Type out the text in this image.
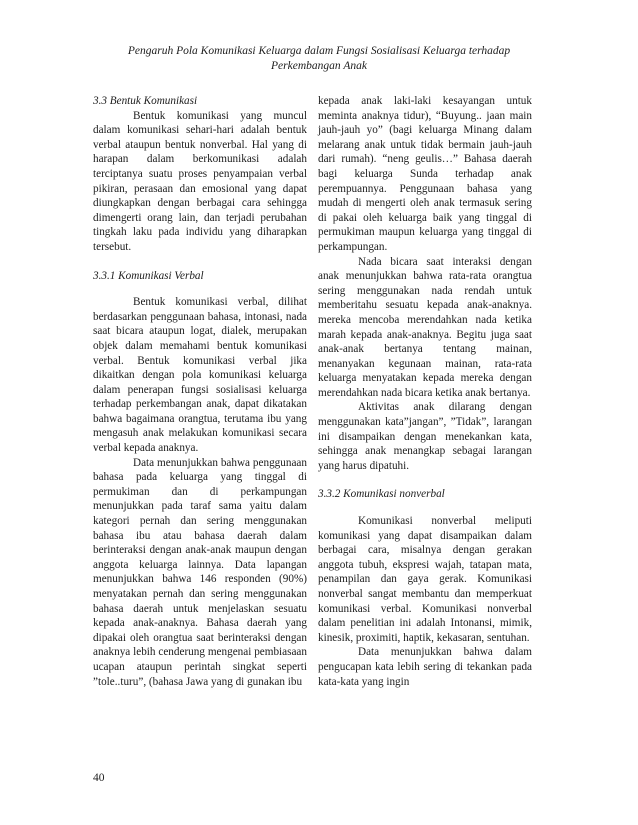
Pengaruh Pola Komunikasi Keluarga dalam Fungsi Sosialisasi Keluarga terhadap
Perkembangan Anak

3.3 Bentuk Komunikasi

Bentuk komunikasi yang muncul dalam komunikasi sehari-hari adalah bentuk verbal ataupun bentuk nonverbal. Hal yang di harapan dalam berkomunikasi adalah terciptanya suatu proses penyampaian verbal pikiran, perasaan dan emosional yang dapat diungkapkan dengan berbagai cara sehingga dimengerti orang lain, dan terjadi perubahan tingkah laku pada individu yang diharapkan tersebut.

3.3.1 Komunikasi Verbal

Bentuk komunikasi verbal, dilihat berdasarkan penggunaan bahasa, intonasi, nada saat bicara ataupun logat, dialek, merupakan objek dalam memahami bentuk komunikasi verbal. Bentuk komunikasi verbal jika dikaitkan dengan pola komunikasi keluarga dalam penerapan fungsi sosialisasi keluarga terhadap perkembangan anak, dapat dikatakan bahwa bagaimana orangtua, terutama ibu yang mengasuh anak melakukan komunikasi secara verbal kepada anaknya.

Data menunjukkan bahwa penggunaan bahasa pada keluarga yang tinggal di permukiman dan di perkampungan menunjukkan pada taraf sama yaitu dalam kategori pernah dan sering menggunakan bahasa ibu atau bahasa daerah dalam berinteraksi dengan anak-anak maupun dengan anggota keluarga lainnya. Data lapangan menunjukkan bahwa 146 responden (90%) menyatakan pernah dan sering menggunakan bahasa daerah untuk menjelaskan sesuatu kepada anak-anaknya. Bahasa daerah yang dipakai oleh orangtua saat berinteraksi dengan anaknya lebih cenderung mengenai pembiasaan ucapan ataupun perintah singkat seperti ”tole..turu”, (bahasa Jawa yang di gunakan ibu

kepada anak laki-laki kesayangan untuk meminta anaknya tidur), “Buyung.. jaan main jauh-jauh yo” (bagi keluarga Minang dalam melarang anak untuk tidak bermain jauh-jauh dari rumah). “neng geulis…” Bahasa daerah bagi keluarga Sunda terhadap anak perempuannya. Penggunaan bahasa yang mudah di mengerti oleh anak termasuk sering di pakai oleh keluarga baik yang tinggal di permukiman maupun keluarga yang tinggal di perkampungan.

Nada bicara saat interaksi dengan anak menunjukkan bahwa rata-rata orangtua sering menggunakan nada rendah untuk memberitahu sesuatu kepada anak-anaknya. mereka mencoba merendahkan nada ketika marah kepada anak-anaknya. Begitu juga saat anak-anak bertanya tentang mainan, menanyakan kegunaan mainan, rata-rata keluarga menyatakan kepada mereka dengan merendahkan nada bicara ketika anak bertanya.

Aktivitas anak dilarang dengan menggunakan kata”jangan”, ”Tidak”, larangan ini disampaikan dengan menekankan kata, sehingga anak menangkap sebagai larangan yang harus dipatuhi.

3.3.2 Komunikasi nonverbal

Komunikasi nonverbal meliputi komunikasi yang dapat disampaikan dalam berbagai cara, misalnya dengan gerakan anggota tubuh, ekspresi wajah, tatapan mata, penampilan dan gaya gerak. Komunikasi nonverbal sangat membantu dan memperkuat komunikasi verbal. Komunikasi nonverbal dalam penelitian ini adalah Intonansi, mimik, kinesik, proximiti, haptik, kekasaran, sentuhan.

Data menunjukkan bahwa dalam pengucapan kata lebih sering di tekankan pada kata-kata yang ingin

40
